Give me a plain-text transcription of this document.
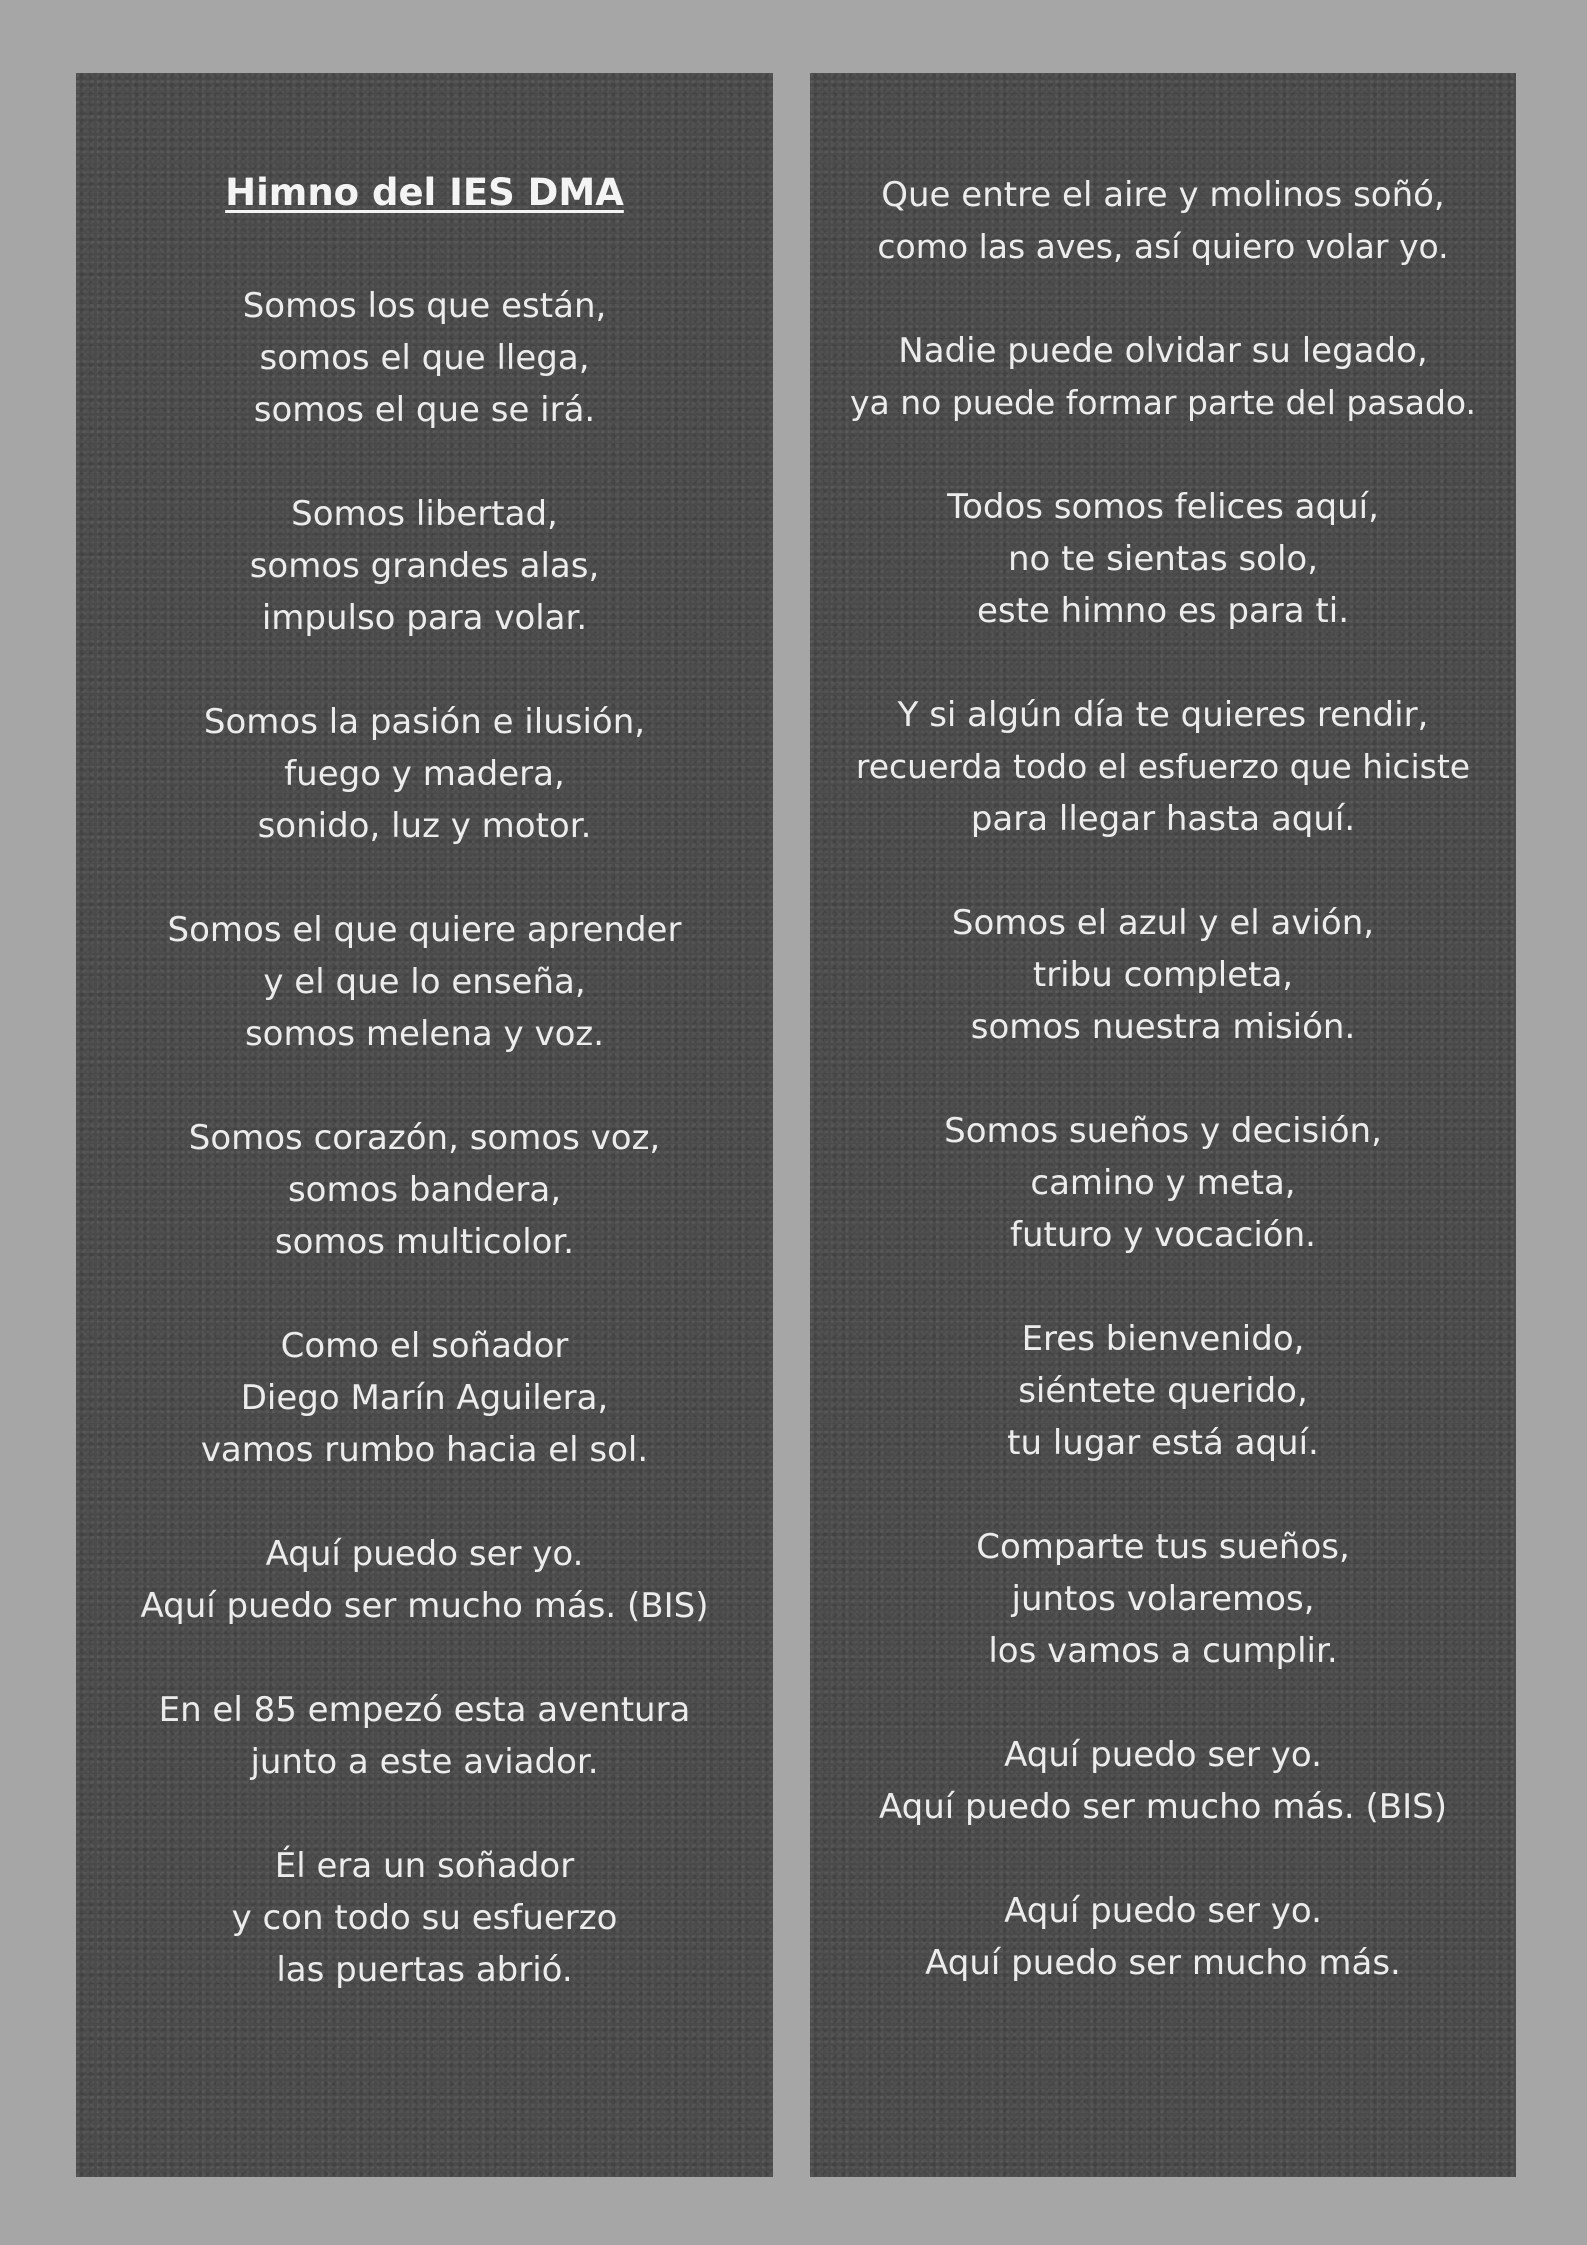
Himno del IES DMA
Somos los que están,
somos el que llega,
somos el que se irá.
Somos libertad,
somos grandes alas,
impulso para volar.
Somos la pasión e ilusión,
fuego y madera,
sonido, luz y motor.
Somos el que quiere aprender
y el que lo enseña,
somos melena y voz.
Somos corazón, somos voz,
somos bandera,
somos multicolor.
Como el soñador
Diego Marín Aguilera,
vamos rumbo hacia el sol.
Aquí puedo ser yo.
Aquí puedo ser mucho más. (BIS)
En el 85 empezó esta aventura
junto a este aviador.
Él era un soñador
y con todo su esfuerzo
las puertas abrió.
Que entre el aire y molinos soñó,
como las aves, así quiero volar yo.
Nadie puede olvidar su legado,
ya no puede formar parte del pasado.
Todos somos felices aquí,
no te sientas solo,
este himno es para ti.
Y si algún día te quieres rendir,
recuerda todo el esfuerzo que hiciste
para llegar hasta aquí.
Somos el azul y el avión,
tribu completa,
somos nuestra misión.
Somos sueños y decisión,
camino y meta,
futuro y vocación.
Eres bienvenido,
siéntete querido,
tu lugar está aquí.
Comparte tus sueños,
juntos volaremos,
los vamos a cumplir.
Aquí puedo ser yo.
Aquí puedo ser mucho más. (BIS)
Aquí puedo ser yo.
Aquí puedo ser mucho más.
